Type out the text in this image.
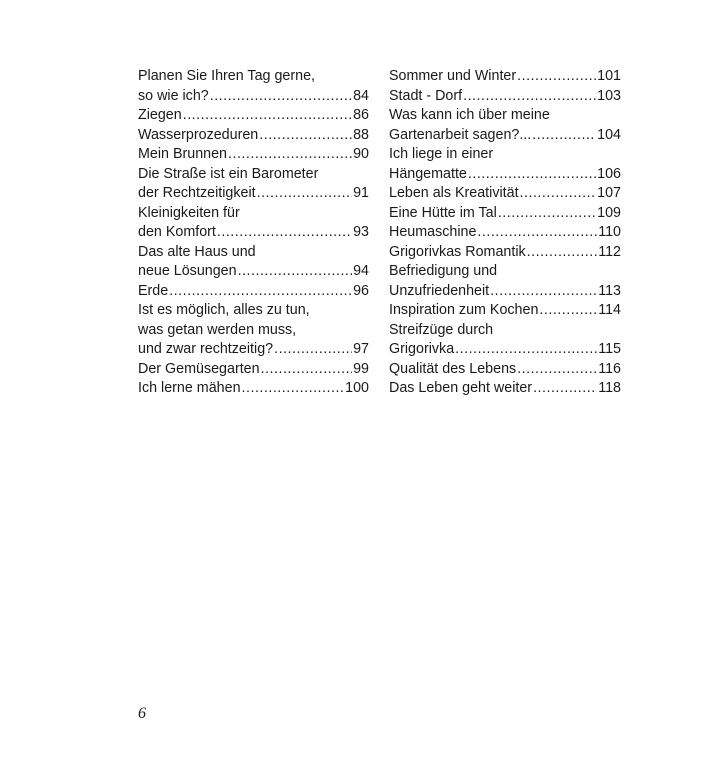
Planen Sie Ihren Tag gerne,
so wie ich? .....	84
Ziegen .....	86
Wasserprozeduren .....	88
Mein Brunnen .....	90
Die Straße ist ein Barometer
der Rechtzeitigkeit .....	91
Kleinigkeiten für
den Komfort .....	93
Das alte Haus und
neue Lösungen .....	94
Erde .....	96
Ist es möglich, alles zu tun,
was getan werden muss,
und zwar rechtzeitig? .....	97
Der Gemüsegarten .....	99
Ich lerne mähen .....	100
Sommer und Winter .....	101
Stadt - Dorf .....	103
Was kann ich über meine
Gartenarbeit sagen?... .....	104
Ich liege in einer
Hängematte .....	106
Leben als Kreativität .....	107
Eine Hütte im Tal .....	109
Heumaschine .....	110
Grigorivkas Romantik .....	112
Befriedigung und
Unzufriedenheit .....	113
Inspiration zum Kochen .....	114
Streifzüge durch
Grigorivka .....	115
Qualität des Lebens .....	116
Das Leben geht weiter .....	118
6
